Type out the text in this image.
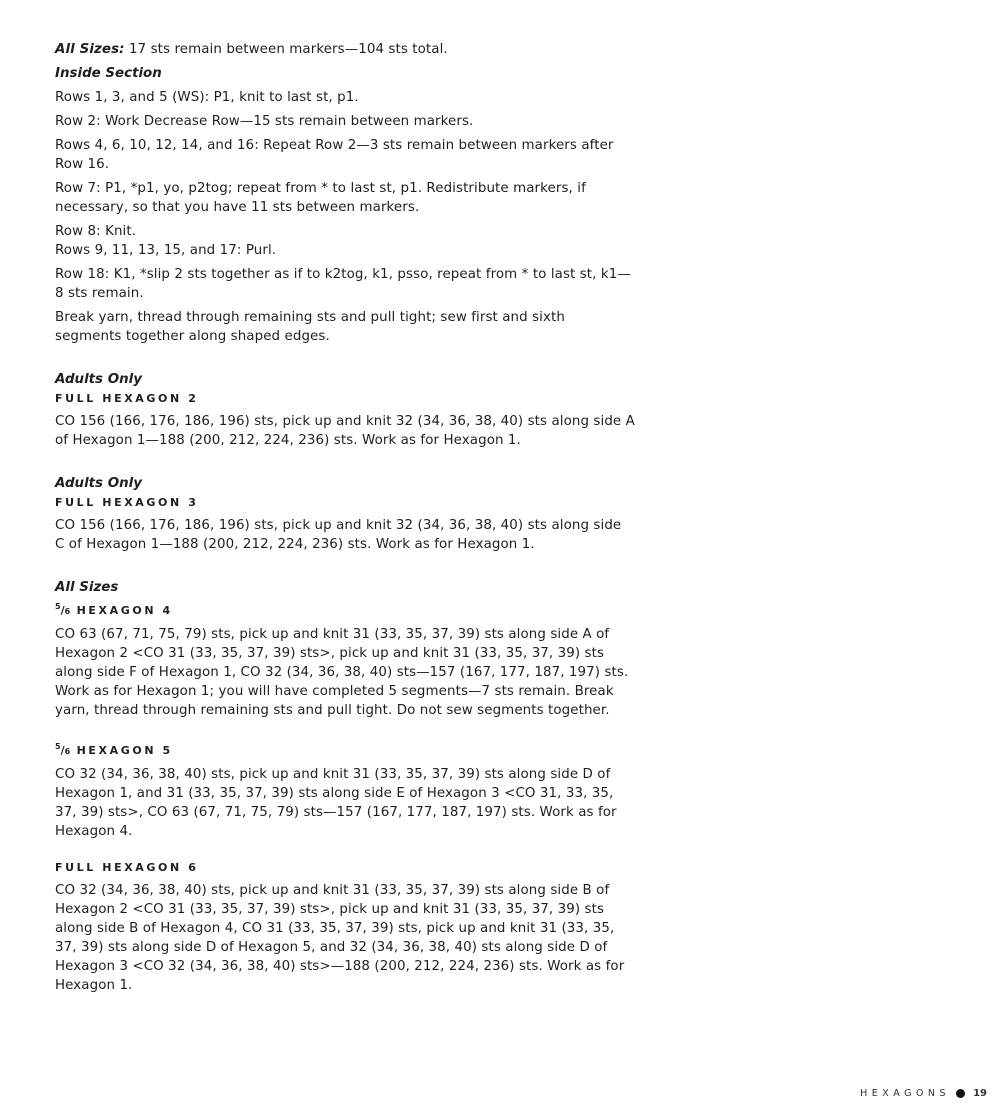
All Sizes: 17 sts remain between markers—104 sts total.

Inside Section

Rows 1, 3, and 5 (WS): P1, knit to last st, p1.

Row 2: Work Decrease Row—15 sts remain between markers.

Rows 4, 6, 10, 12, 14, and 16: Repeat Row 2—3 sts remain between markers after Row 16.

Row 7: P1, *p1, yo, p2tog; repeat from * to last st, p1. Redistribute markers, if necessary, so that you have 11 sts between markers.

Row 8: Knit.

Rows 9, 11, 13, 15, and 17: Purl.

Row 18: K1, *slip 2 sts together as if to k2tog, k1, psso, repeat from * to last st, k1—8 sts remain.

Break yarn, thread through remaining sts and pull tight; sew first and sixth segments together along shaped edges.

Adults Only

FULL HEXAGON 2

CO 156 (166, 176, 186, 196) sts, pick up and knit 32 (34, 36, 38, 40) sts along side A of Hexagon 1—188 (200, 212, 224, 236) sts. Work as for Hexagon 1.

Adults Only

FULL HEXAGON 3

CO 156 (166, 176, 186, 196) sts, pick up and knit 32 (34, 36, 38, 40) sts along side C of Hexagon 1—188 (200, 212, 224, 236) sts. Work as for Hexagon 1.

All Sizes

$^5$/6 HEXAGON 4

CO 63 (67, 71, 75, 79) sts, pick up and knit 31 (33, 35, 37, 39) sts along side A of Hexagon 2 <CO 31 (33, 35, 37, 39) sts>, pick up and knit 31 (33, 35, 37, 39) sts along side F of Hexagon 1, CO 32 (34, 36, 38, 40) sts—157 (167, 177, 187, 197) sts. Work as for Hexagon 1; you will have completed 5 segments—7 sts remain. Break yarn, thread through remaining sts and pull tight. Do not sew segments together.

$^5$/6 HEXAGON 5

CO 32 (34, 36, 38, 40) sts, pick up and knit 31 (33, 35, 37, 39) sts along side D of Hexagon 1, and 31 (33, 35, 37, 39) sts along side E of Hexagon 3 <CO 31, 33, 35, 37, 39) sts>, CO 63 (67, 71, 75, 79) sts—157 (167, 177, 187, 197) sts. Work as for Hexagon 4.

FULL HEXAGON 6

CO 32 (34, 36, 38, 40) sts, pick up and knit 31 (33, 35, 37, 39) sts along side B of Hexagon 2 <CO 31 (33, 35, 37, 39) sts>, pick up and knit 31 (33, 35, 37, 39) sts along side B of Hexagon 4, CO 31 (33, 35, 37, 39) sts, pick up and knit 31 (33, 35, 37, 39) sts along side D of Hexagon 5, and 32 (34, 36, 38, 40) sts along side D of Hexagon 3 <CO 32 (34, 36, 38, 40) sts>—188 (200, 212, 224, 236) sts. Work as for Hexagon 1.

HEXAGONS 19
